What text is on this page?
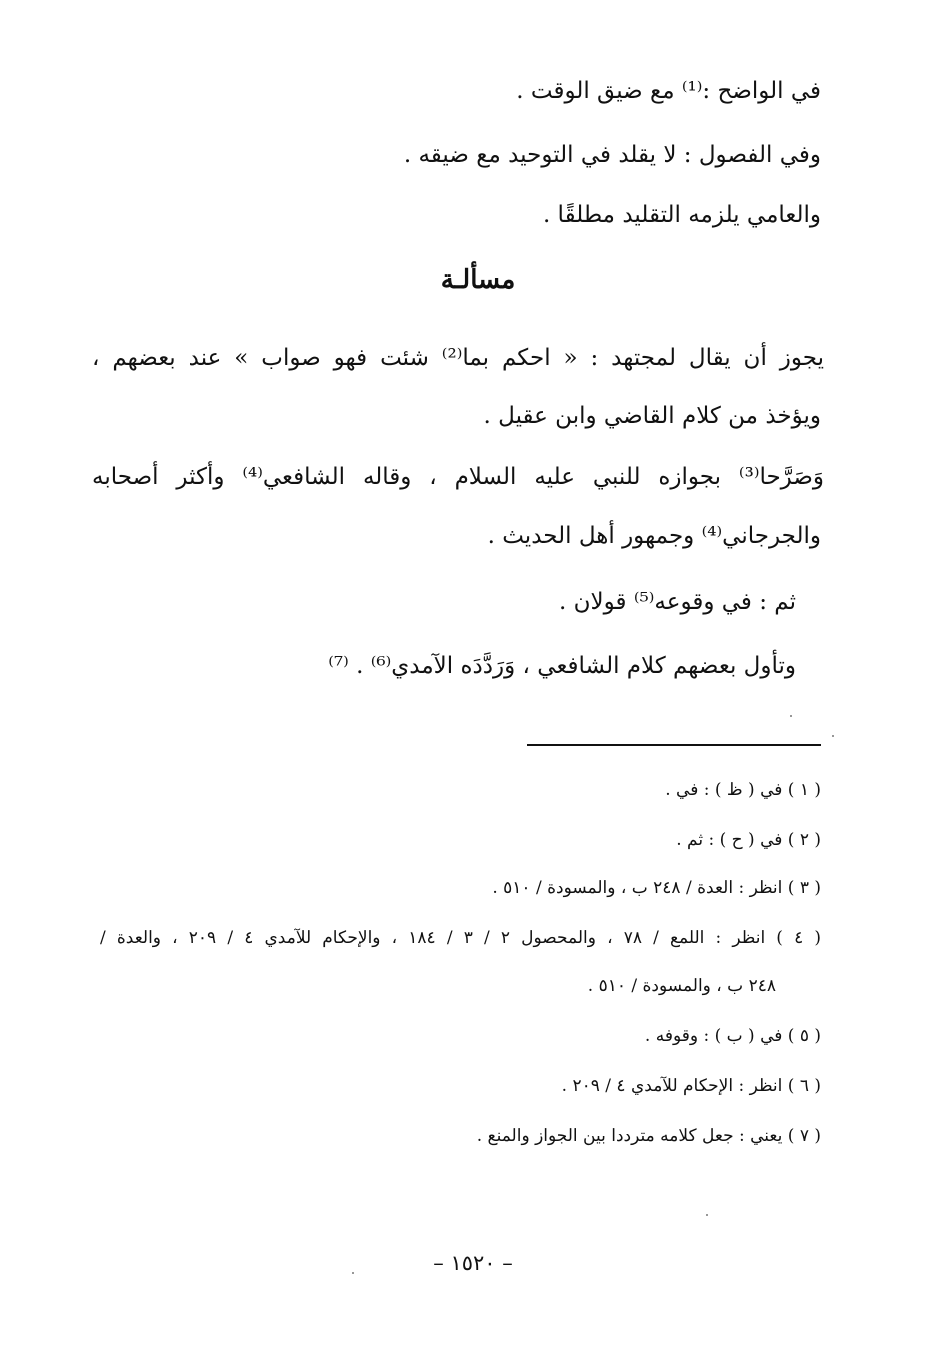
في الواضح :⁽¹⁾ مع ضيق الوقت .
وفي الفصول : لا يقلد في التوحيد مع ضيقه .
والعامي يلزمه التقليد مطلقًا .
مسألـة
يجوز أن يقال لمجتهد : « احكم بما⁽²⁾ شئت فهو صواب » عند بعضهم ،
ويؤخذ من كلام القاضي وابن عقيل .
وَصَرَّحا⁽³⁾ بجوازه للنبي عليه السلام ، وقاله الشافعي⁽⁴⁾ وأكثر أصحابه
والجرجاني⁽⁴⁾ وجمهور أهل الحديث .
ثم : في وقوعه⁽⁵⁾ قولان .
وتأول بعضهم كلام الشافعي ، وَرَدَّدَه الآمدي⁽⁶⁾ . ⁽⁷⁾
( ١ ) في ( ظ ) : في .
( ٢ ) في ( ح ) : ثم .
( ٣ ) انظر : العدة / ٢٤٨ ب ، والمسودة / ٥١٠ .
( ٤ ) انظر : اللمع / ٧٨ ، والمحصول ٢ / ٣ / ١٨٤ ، والإحكام للآمدي ٤ / ٢٠٩ ، والعدة /
٢٤٨ ب ، والمسودة / ٥١٠ .
( ٥ ) في ( ب ) : وقوفه .
( ٦ ) انظر : الإحكام للآمدي ٤ / ٢٠٩ .
( ٧ ) يعني : جعل كلامه مترددا بين الجواز والمنع .
– ١٥٢٠ –
